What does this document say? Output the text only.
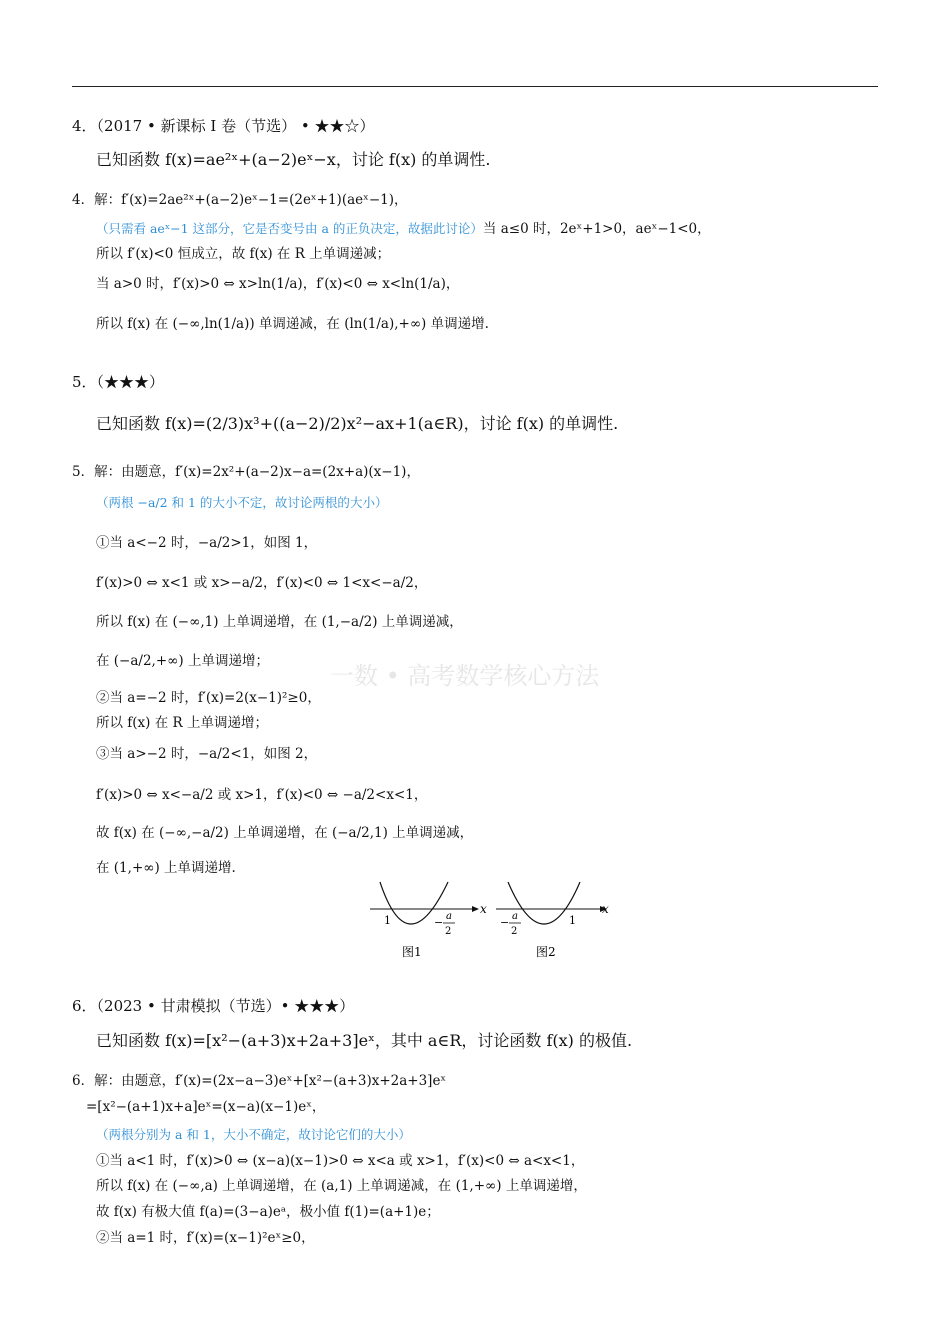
一数 • 高考数学核心方法
4．（2017 • 新课标 I 卷（节选） • ★★☆）
已知函数 f(x)=ae²ˣ+(a−2)eˣ−x，讨论 f(x) 的单调性.
4．解：f′(x)=2ae²ˣ+(a−2)eˣ−1=(2eˣ+1)(aeˣ−1)，
（只需看 aeˣ−1 这部分，它是否变号由 a 的正负决定，故据此讨论）当 a≤0 时，2eˣ+1>0，aeˣ−1<0，
所以 f′(x)<0 恒成立，故 f(x) 在 R 上单调递减；
当 a>0 时，f′(x)>0 ⇔ x>ln(1/a)，f′(x)<0 ⇔ x<ln(1/a)，
所以 f(x) 在 (−∞,ln(1/a)) 单调递减，在 (ln(1/a),+∞) 单调递增.
5．（★★★）
已知函数 f(x)=(2/3)x³+((a−2)/2)x²−ax+1(a∈R)，讨论 f(x) 的单调性.
5．解：由题意，f′(x)=2x²+(a−2)x−a=(2x+a)(x−1)，
（两根 −a/2 和 1 的大小不定，故讨论两根的大小）
①当 a<−2 时，−a/2>1，如图 1，
f′(x)>0 ⇔ x<1 或 x>−a/2，f′(x)<0 ⇔ 1<x<−a/2，
所以 f(x) 在 (−∞,1) 上单调递增，在 (1,−a/2) 上单调递减，
在 (−a/2,+∞) 上单调递增；
②当 a=−2 时，f′(x)=2(x−1)²≥0，
所以 f(x) 在 R 上单调递增；
③当 a>−2 时，−a/2<1，如图 2，
f′(x)>0 ⇔ x<−a/2 或 x>1，f′(x)<0 ⇔ −a/2<x<1，
故 f(x) 在 (−∞,−a/2) 上单调递增，在 (−a/2,1) 上单调递减，
在 (1,+∞) 上单调递增.
x
1	− a
2
图1
x
− a
2
1
图2
6．（2023 • 甘肃模拟（节选）• ★★★）
已知函数 f(x)=[x²−(a+3)x+2a+3]eˣ，其中 a∈R，讨论函数 f(x) 的极值.
6．解：由题意，f′(x)=(2x−a−3)eˣ+[x²−(a+3)x+2a+3]eˣ
=[x²−(a+1)x+a]eˣ=(x−a)(x−1)eˣ，
（两根分别为 a 和 1，大小不确定，故讨论它们的大小）
①当 a<1 时，f′(x)>0 ⇔ (x−a)(x−1)>0 ⇔ x<a 或 x>1，f′(x)<0 ⇔ a<x<1，
所以 f(x) 在 (−∞,a) 上单调递增，在 (a,1) 上单调递减，在 (1,+∞) 上单调递增，
故 f(x) 有极大值 f(a)=(3−a)eᵃ，极小值 f(1)=(a+1)e；
②当 a=1 时，f′(x)=(x−1)²eˣ≥0，
